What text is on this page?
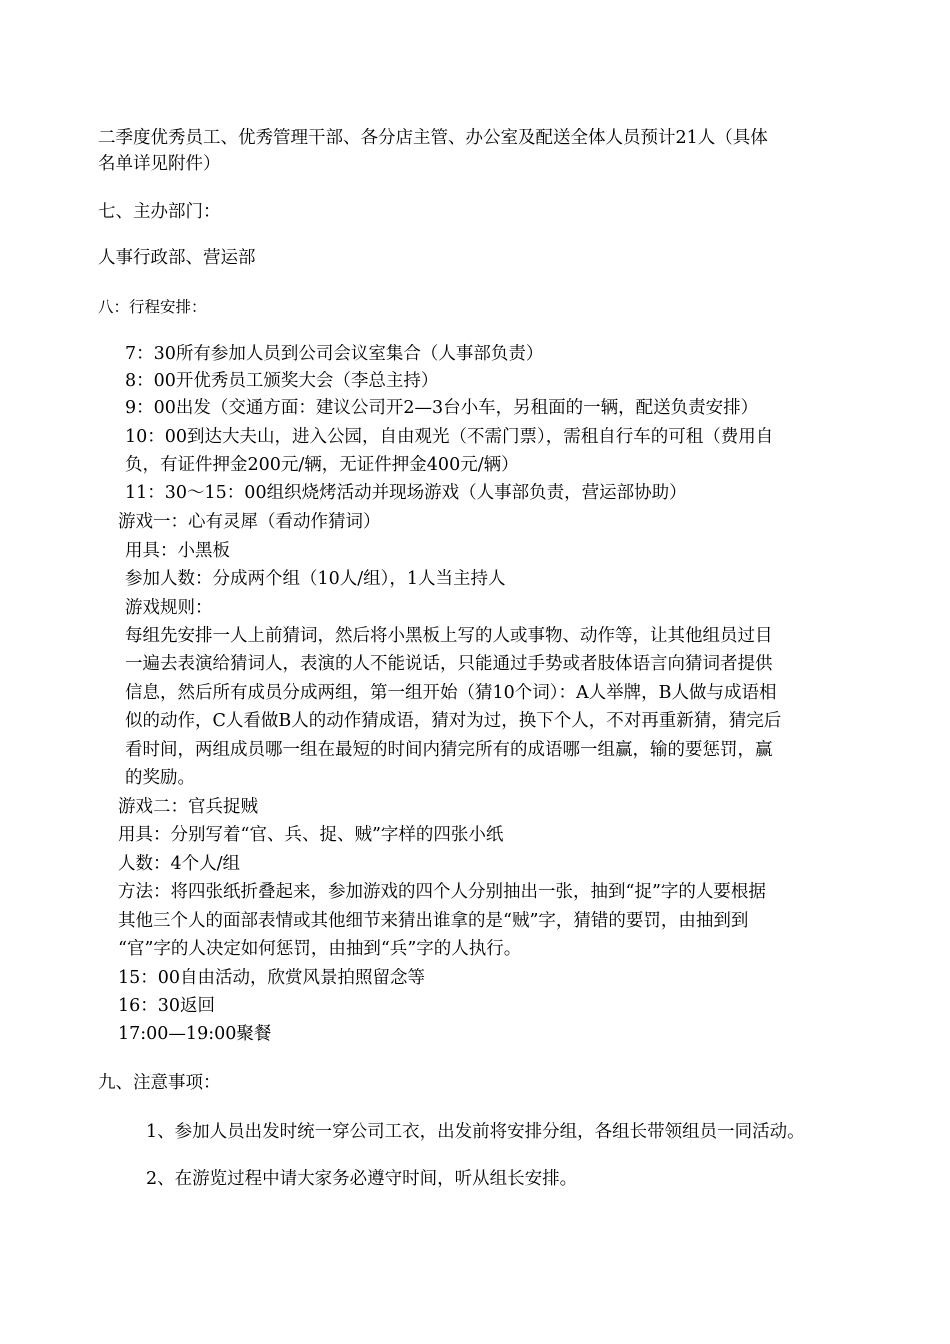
二季度优秀员工、优秀管理干部、各分店主管、办公室及配送全体人员预计21人（具体

名单详见附件）

七、主办部门：

人事行政部、营运部

八：行程安排：

7：30所有参加人员到公司会议室集合（人事部负责）

8：00开优秀员工颁奖大会（李总主持）

9：00出发（交通方面：建议公司开2—3台小车，另租面的一辆，配送负责安排）

10：00到达大夫山，进入公园，自由观光（不需门票），需租自行车的可租（费用自

负，有证件押金200元/辆，无证件押金400元/辆）

11：30～15：00组织烧烤活动并现场游戏（人事部负责，营运部协助）

游戏一：心有灵犀（看动作猜词）

用具：小黑板

参加人数：分成两个组（10人/组），1人当主持人

游戏规则：

每组先安排一人上前猜词，然后将小黑板上写的人或事物、动作等，让其他组员过目

一遍去表演给猜词人，表演的人不能说话，只能通过手势或者肢体语言向猜词者提供

信息，然后所有成员分成两组，第一组开始（猜10个词）：A人举牌，B人做与成语相

似的动作，C人看做B人的动作猜成语，猜对为过，换下个人，不对再重新猜，猜完后

看时间，两组成员哪一组在最短的时间内猜完所有的成语哪一组赢，输的要惩罚，赢

的奖励。

游戏二：官兵捉贼

用具：分别写着“官、兵、捉、贼”字样的四张小纸

人数：4个人/组

方法：将四张纸折叠起来，参加游戏的四个人分别抽出一张，抽到“捉”字的人要根据

其他三个人的面部表情或其他细节来猜出谁拿的是“贼”字，猜错的要罚，由抽到到

“官”字的人决定如何惩罚，由抽到“兵”字的人执行。

15：00自由活动，欣赏风景拍照留念等

16：30返回

17:00—19:00聚餐

九、注意事项：

1、参加人员出发时统一穿公司工衣，出发前将安排分组，各组长带领组员一同活动。

2、在游览过程中请大家务必遵守时间，听从组长安排。
